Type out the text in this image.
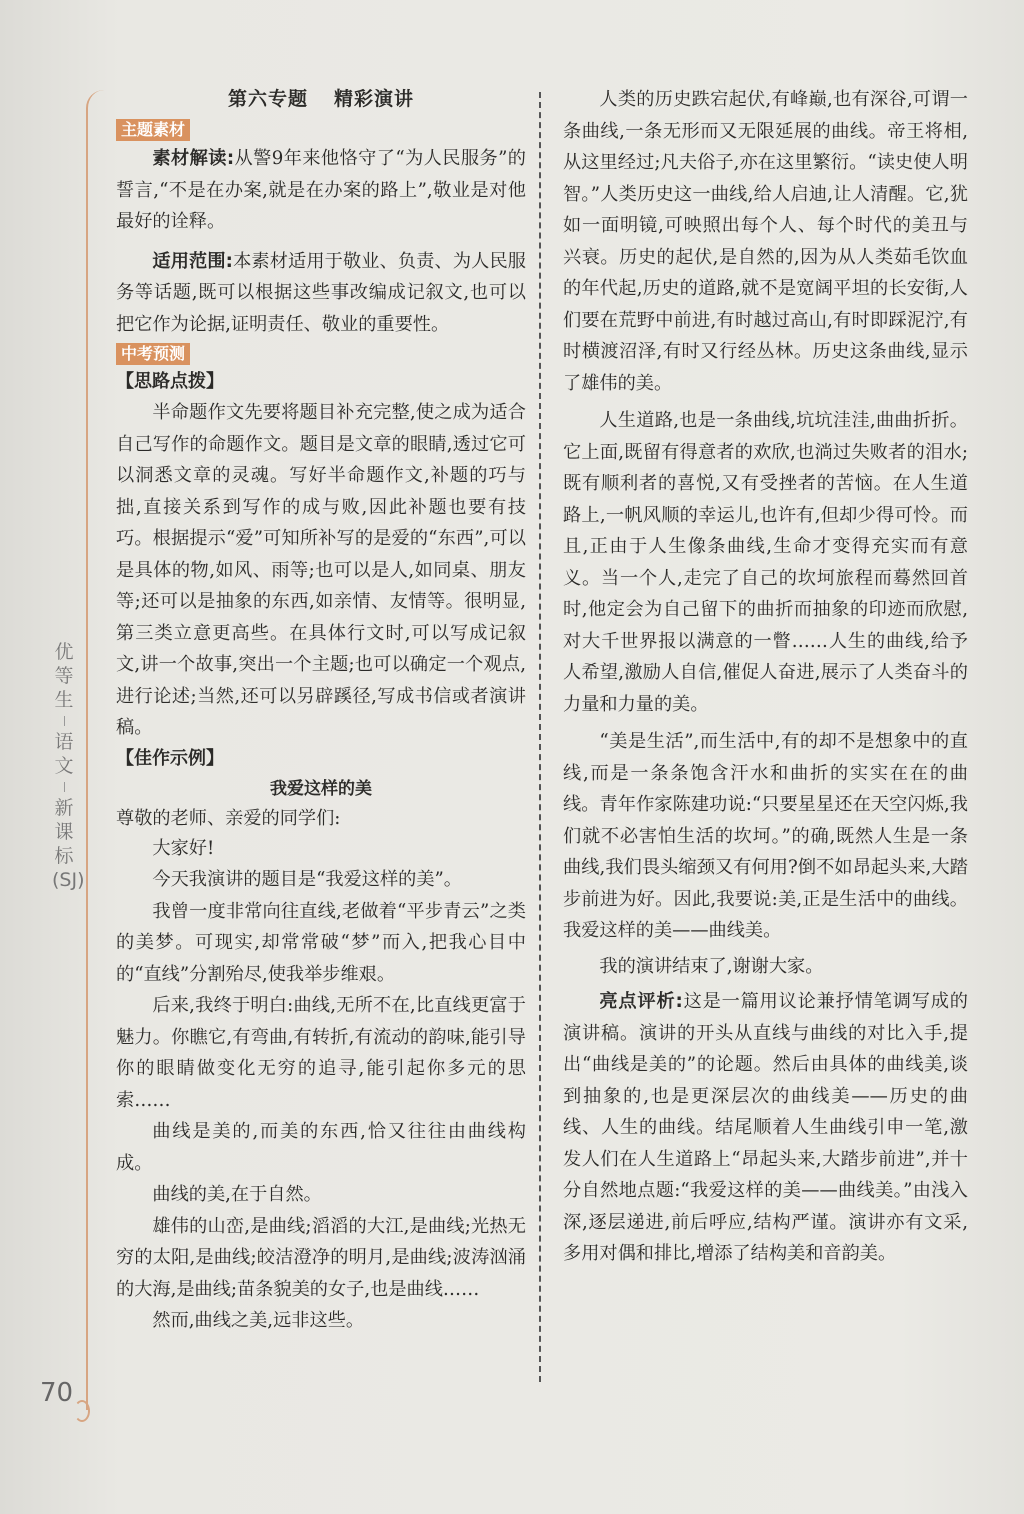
优等生
语文
新课标(SJ)
70
第六专题 精彩演讲
主题素材

素材解读:从警9年来他恪守了“为人民服务”的誓言,“不是在办案,就是在办案的路上”,敬业是对他最好的诠释。

适用范围:本素材适用于敬业、负责、为人民服务等话题,既可以根据这些事改编成记叙文,也可以把它作为论据,证明责任、敬业的重要性。

中考预测
【思路点拨】

半命题作文先要将题目补充完整,使之成为适合自己写作的命题作文。题目是文章的眼睛,透过它可以洞悉文章的灵魂。写好半命题作文,补题的巧与拙,直接关系到写作的成与败,因此补题也要有技巧。根据提示“爱”可知所补写的是爱的“东西”,可以是具体的物,如风、雨等;也可以是人,如同桌、朋友等;还可以是抽象的东西,如亲情、友情等。很明显,第三类立意更高些。在具体行文时,可以写成记叙文,讲一个故事,突出一个主题;也可以确定一个观点,进行论述;当然,还可以另辟蹊径,写成书信或者演讲稿。

【佳作示例】
我爱这样的美

尊敬的老师、亲爱的同学们:

大家好!

今天我演讲的题目是“我爱这样的美”。

我曾一度非常向往直线,老做着“平步青云”之类的美梦。可现实,却常常破“梦”而入,把我心目中的“直线”分割殆尽,使我举步维艰。

后来,我终于明白:曲线,无所不在,比直线更富于魅力。你瞧它,有弯曲,有转折,有流动的韵味,能引导你的眼睛做变化无穷的追寻,能引起你多元的思索……

曲线是美的,而美的东西,恰又往往由曲线构成。

曲线的美,在于自然。

雄伟的山峦,是曲线;滔滔的大江,是曲线;光热无穷的太阳,是曲线;皎洁澄净的明月,是曲线;波涛汹涌的大海,是曲线;苗条貌美的女子,也是曲线……

然而,曲线之美,远非这些。

人类的历史跌宕起伏,有峰巅,也有深谷,可谓一条曲线,一条无形而又无限延展的曲线。帝王将相,从这里经过;凡夫俗子,亦在这里繁衍。“读史使人明智。”人类历史这一曲线,给人启迪,让人清醒。它,犹如一面明镜,可映照出每个人、每个时代的美丑与兴衰。历史的起伏,是自然的,因为从人类茹毛饮血的年代起,历史的道路,就不是宽阔平坦的长安街,人们要在荒野中前进,有时越过高山,有时即踩泥泞,有时横渡沼泽,有时又行经丛林。历史这条曲线,显示了雄伟的美。

人生道路,也是一条曲线,坑坑洼洼,曲曲折折。它上面,既留有得意者的欢欣,也淌过失败者的泪水;既有顺利者的喜悦,又有受挫者的苦恼。在人生道路上,一帆风顺的幸运儿,也许有,但却少得可怜。而且,正由于人生像条曲线,生命才变得充实而有意义。当一个人,走完了自己的坎坷旅程而蓦然回首时,他定会为自己留下的曲折而抽象的印迹而欣慰,对大千世界报以满意的一瞥……人生的曲线,给予人希望,激励人自信,催促人奋进,展示了人类奋斗的力量和力量的美。

“美是生活”,而生活中,有的却不是想象中的直线,而是一条条饱含汗水和曲折的实实在在的曲线。青年作家陈建功说:“只要星星还在天空闪烁,我们就不必害怕生活的坎坷。”的确,既然人生是一条曲线,我们畏头缩颈又有何用?倒不如昂起头来,大踏步前进为好。因此,我要说:美,正是生活中的曲线。我爱这样的美——曲线美。

我的演讲结束了,谢谢大家。

亮点评析:这是一篇用议论兼抒情笔调写成的演讲稿。演讲的开头从直线与曲线的对比入手,提出“曲线是美的”的论题。然后由具体的曲线美,谈到抽象的,也是更深层次的曲线美——历史的曲线、人生的曲线。结尾顺着人生曲线引申一笔,激发人们在人生道路上“昂起头来,大踏步前进”,并十分自然地点题:“我爱这样的美——曲线美。”由浅入深,逐层递进,前后呼应,结构严谨。演讲亦有文采,多用对偶和排比,增添了结构美和音韵美。
